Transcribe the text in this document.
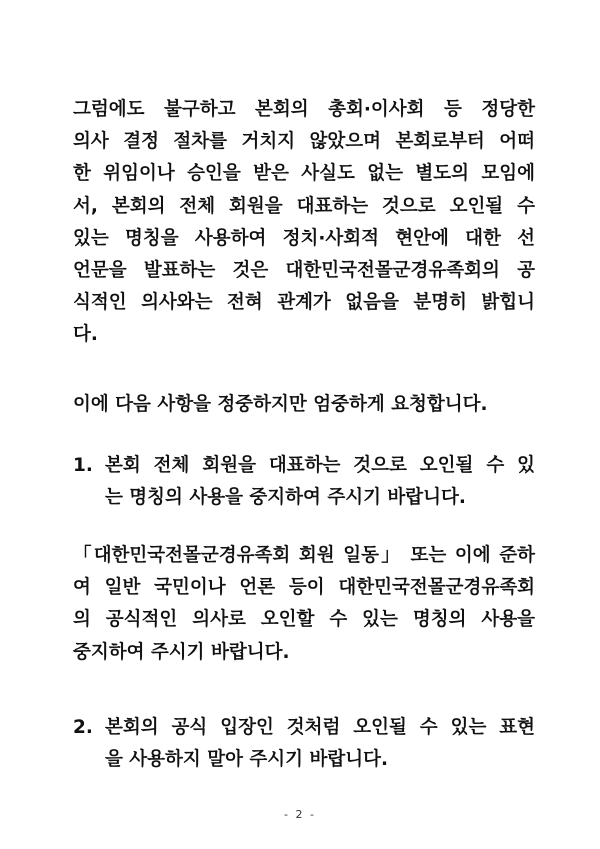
그럼에도 불구하고 본회의 총회·이사회 등 정당한
의사 결정 절차를 거치지 않았으며 본회로부터 어떠
한 위임이나 승인을 받은 사실도 없는 별도의 모임에
서, 본회의 전체 회원을 대표하는 것으로 오인될 수
있는 명칭을 사용하여 정치·사회적 현안에 대한 선
언문을 발표하는 것은 대한민국전몰군경유족회의 공
식적인 의사와는 전혀 관계가 없음을 분명히 밝힙니
다.
이에 다음 사항을 정중하지만 엄중하게 요청합니다.
1. 본회 전체 회원을 대표하는 것으로 오인될 수 있
는 명칭의 사용을 중지하여 주시기 바랍니다.
「대한민국전몰군경유족회 회원 일동」 또는 이에 준하
여 일반 국민이나 언론 등이 대한민국전몰군경유족회
의 공식적인 의사로 오인할 수 있는 명칭의 사용을
중지하여 주시기 바랍니다.
2. 본회의 공식 입장인 것처럼 오인될 수 있는 표현
을 사용하지 말아 주시기 바랍니다.
- 2 -
